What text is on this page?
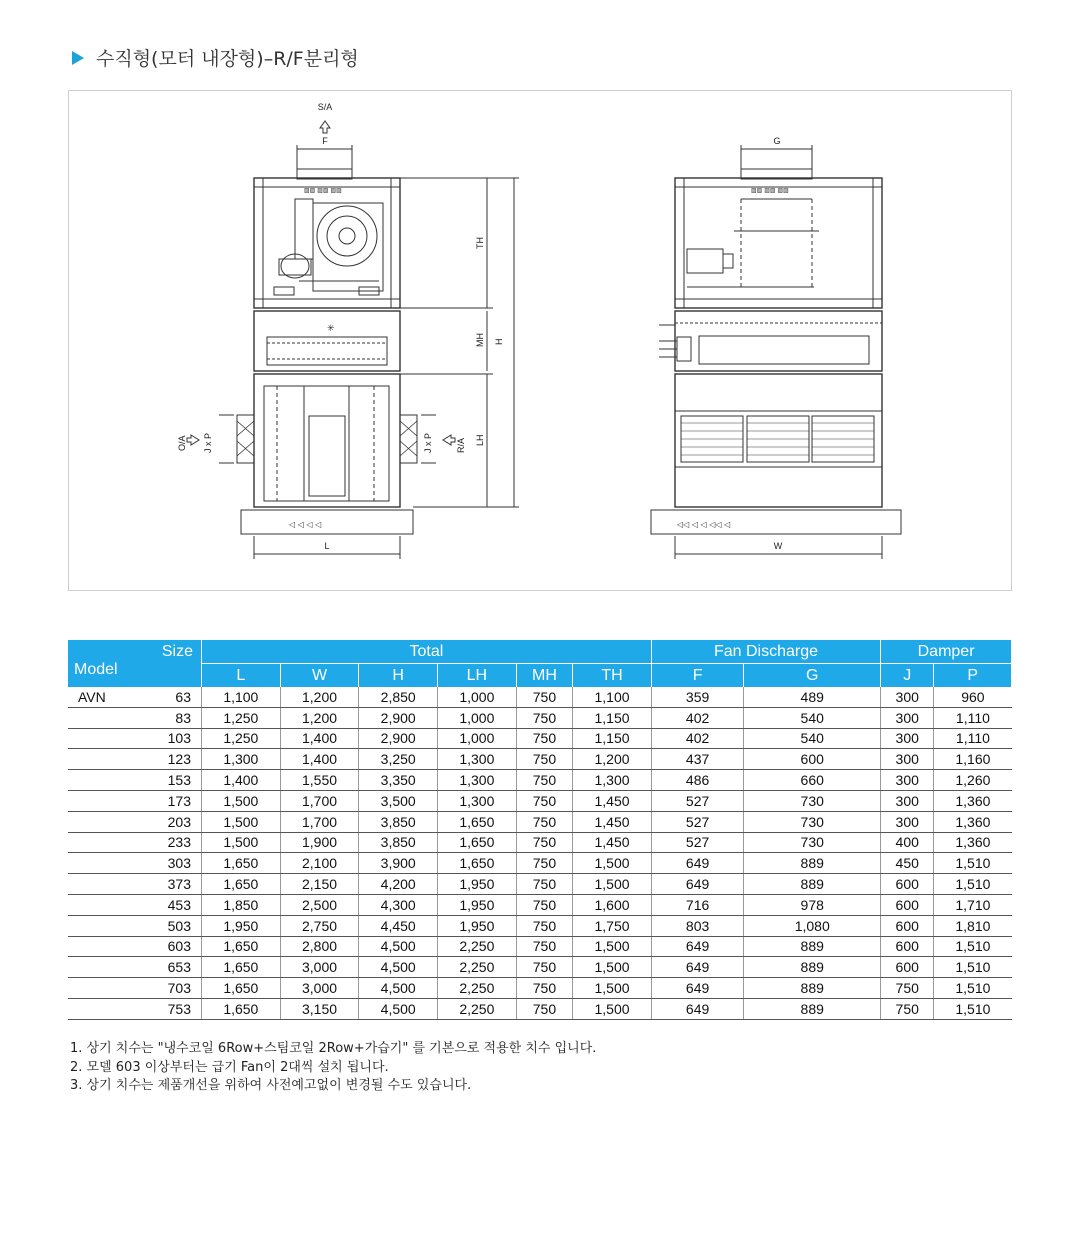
수직형(모터 내장형)–R/F분리형
S/A
F
▨▨ ▨▨ ▨▨
✳
◁ ◁ ◁ ◁
O/A J x P	J x P	R/A
TH
MH H
LH
L
G
▨▨ ▨▨ ▨▨
◁◁ ◁ ◁ ◁◁ ◁
W
Size
Model		Total						Fan Discharge		Damper	
		L	W	H	LH	MH	TH	F	G	J	P
AVN	63	1,100	1,200	2,850	1,000	750	1,100	359	489	300	960
	83	1,250	1,200	2,900	1,000	750	1,150	402	540	300	1,110
	103	1,250	1,400	2,900	1,000	750	1,150	402	540	300	1,110
	123	1,300	1,400	3,250	1,300	750	1,200	437	600	300	1,160
	153	1,400	1,550	3,350	1,300	750	1,300	486	660	300	1,260
	173	1,500	1,700	3,500	1,300	750	1,450	527	730	300	1,360
	203	1,500	1,700	3,850	1,650	750	1,450	527	730	300	1,360
	233	1,500	1,900	3,850	1,650	750	1,450	527	730	400	1,360
	303	1,650	2,100	3,900	1,650	750	1,500	649	889	450	1,510
	373	1,650	2,150	4,200	1,950	750	1,500	649	889	600	1,510
	453	1,850	2,500	4,300	1,950	750	1,600	716	978	600	1,710
	503	1,950	2,750	4,450	1,950	750	1,750	803	1,080	600	1,810
	603	1,650	2,800	4,500	2,250	750	1,500	649	889	600	1,510
	653	1,650	3,000	4,500	2,250	750	1,500	649	889	600	1,510
	703	1,650	3,000	4,500	2,250	750	1,500	649	889	750	1,510
	753	1,650	3,150	4,500	2,250	750	1,500	649	889	750	1,510
1. 상기 치수는 "냉수코일 6Row+스팀코일 2Row+가습기" 를 기본으로 적용한 치수 입니다.
2. 모델 603 이상부터는 급기 Fan이 2대씩 설치 됩니다.
3. 상기 치수는 제품개선을 위하여 사전예고없이 변경될 수도 있습니다.
